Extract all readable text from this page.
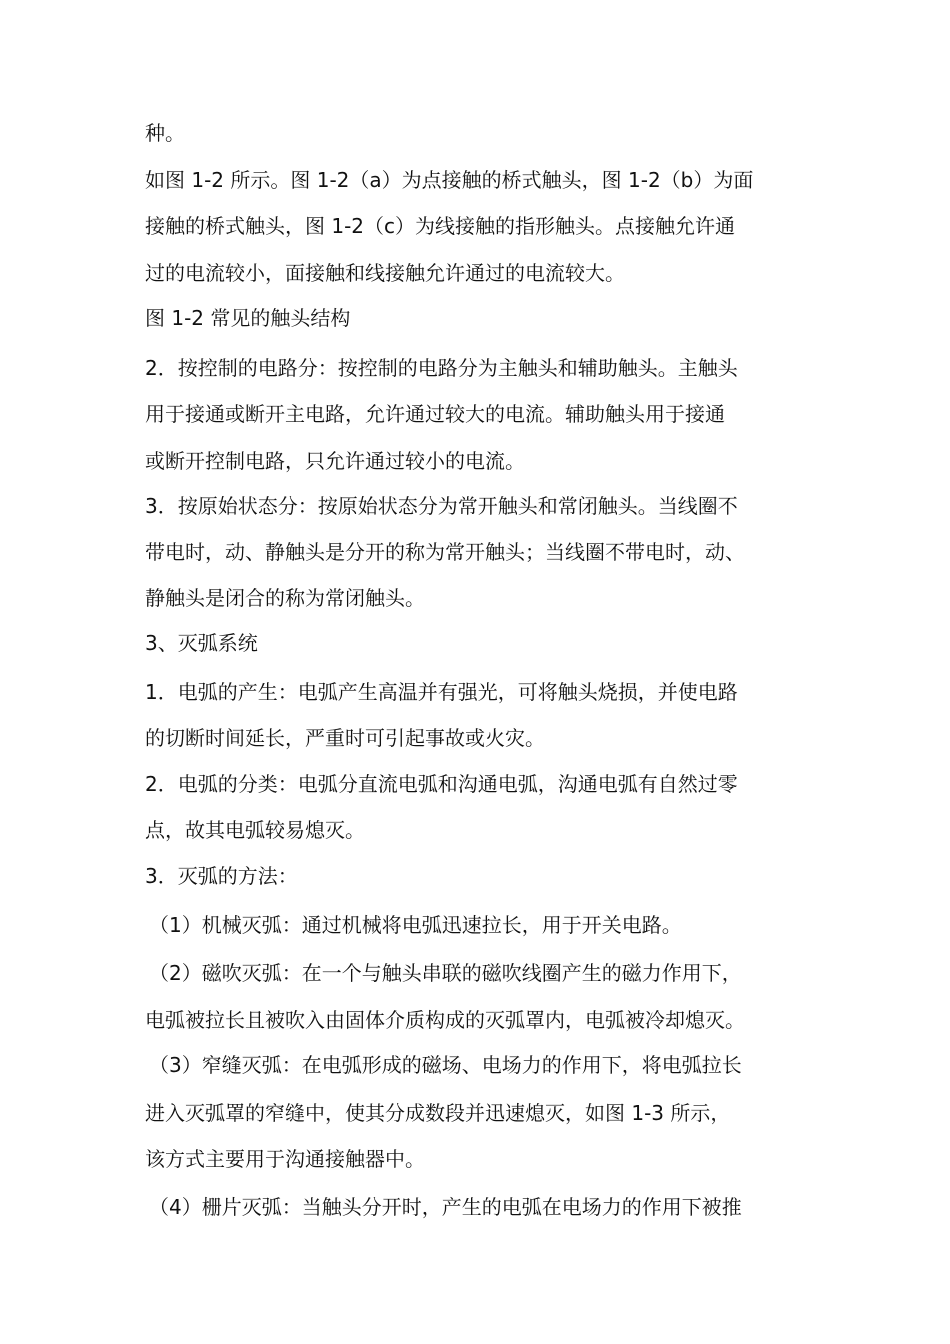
种。
如图 1-2 所示。图 1-2（a）为点接触的桥式触头，图 1-2（b）为面
接触的桥式触头，图 1-2（c）为线接触的指形触头。点接触允许通
过的电流较小，面接触和线接触允许通过的电流较大。
图 1-2 常见的触头结构
2．按控制的电路分：按控制的电路分为主触头和辅助触头。主触头
用于接通或断开主电路，允许通过较大的电流。辅助触头用于接通
或断开控制电路，只允许通过较小的电流。
3．按原始状态分：按原始状态分为常开触头和常闭触头。当线圈不
带电时，动、静触头是分开的称为常开触头；当线圈不带电时，动、
静触头是闭合的称为常闭触头。
3、灭弧系统
1．电弧的产生：电弧产生高温并有强光，可将触头烧损，并使电路
的切断时间延长，严重时可引起事故或火灾。
2．电弧的分类：电弧分直流电弧和沟通电弧，沟通电弧有自然过零
点，故其电弧较易熄灭。
3．灭弧的方法：
（1）机械灭弧：通过机械将电弧迅速拉长，用于开关电路。
（2）磁吹灭弧：在一个与触头串联的磁吹线圈产生的磁力作用下，
电弧被拉长且被吹入由固体介质构成的灭弧罩内，电弧被冷却熄灭。
（3）窄缝灭弧：在电弧形成的磁场、电场力的作用下，将电弧拉长
进入灭弧罩的窄缝中，使其分成数段并迅速熄灭，如图 1-3 所示，
该方式主要用于沟通接触器中。
（4）栅片灭弧：当触头分开时，产生的电弧在电场力的作用下被推
